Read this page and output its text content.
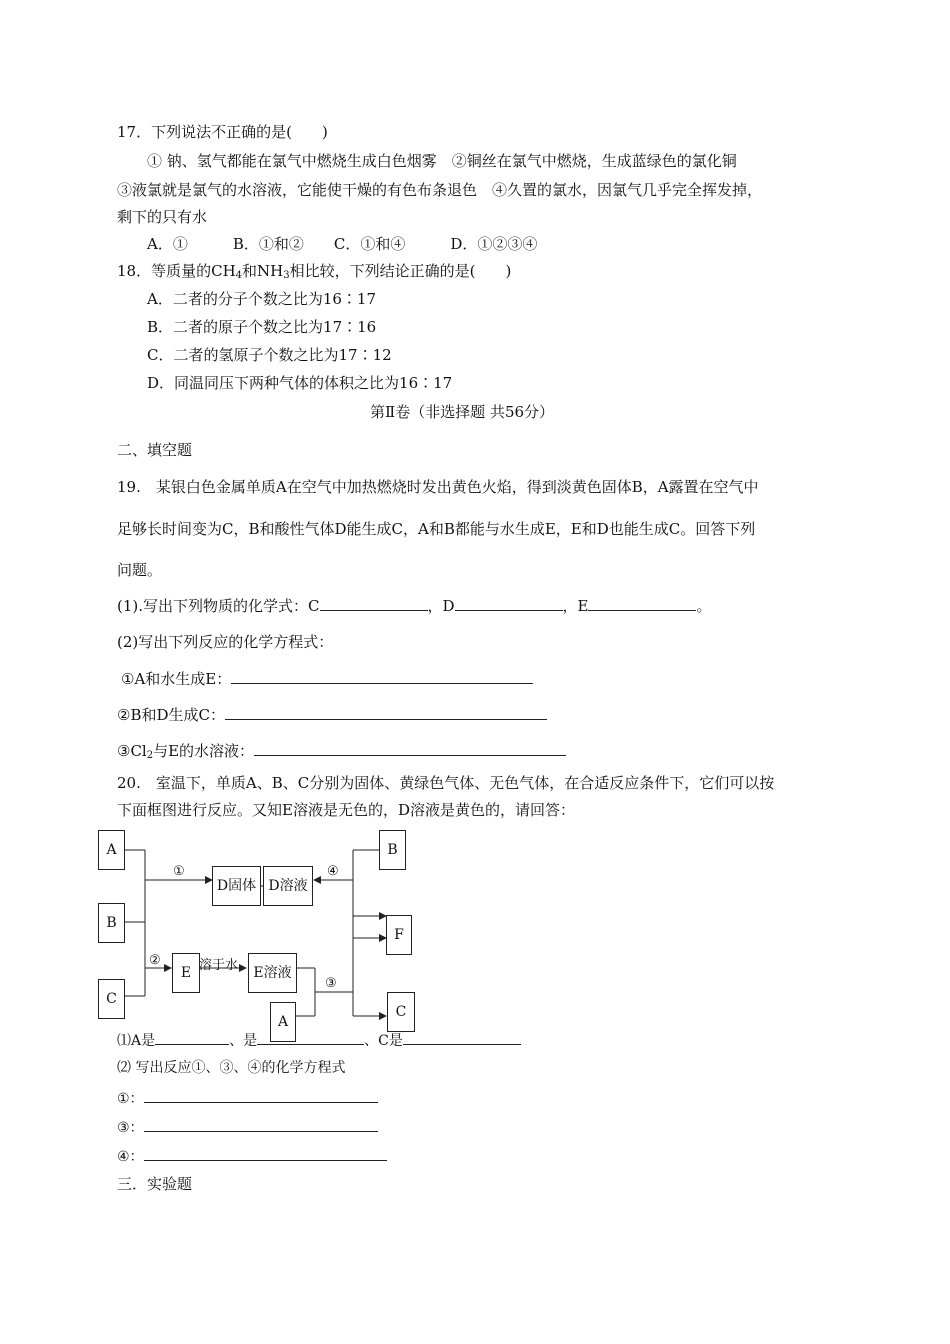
17．下列说法不正确的是(　　)
① 钠、氢气都能在氯气中燃烧生成白色烟雾　②铜丝在氯气中燃烧，生成蓝绿色的氯化铜
③液氯就是氯气的水溶液，它能使干燥的有色布条退色　④久置的氯水，因氯气几乎完全挥发掉，
剩下的只有水
A．①　　　B．①和②　　C．①和④　　　D．①②③④
18．等质量的$CH_4$和$NH_3$相比较，下列结论正确的是(　　)
A．二者的分子个数之比为16∶17
B．二者的原子个数之比为17∶16
C．二者的氢原子个数之比为17∶12
D．同温同压下两种气体的体积之比为16∶17
第Ⅱ卷（非选择题 共56分）
二、填空题
19.　某银白色金属单质A在空气中加热燃烧时发出黄色火焰，得到淡黄色固体B，A露置在空气中
足够长时间变为C，B和酸性气体D能生成C，A和B都能与水生成E，E和D也能生成C。回答下列
问题。
(1).写出下列物质的化学式：C	，D	，E	。
(2)写出下列反应的化学方程式：
①A和水生成E：
②B和D生成C：
$③Cl_2$与E的水溶液：
20.　室温下，单质A、B、C分别为固体、黄绿色气体、无色气体，在合适反应条件下，它们可以按
下面框图进行反应。又知E溶液是无色的，D溶液是黄色的，请回答：
A
B
C
D固体 D溶液
B
F
E	E溶液
A
C
①	④
②	溶于水
③
⑴A是	、是	、C是
⑵ 写出反应①、③、④的化学方程式
①：
③：
④：
三．实验题
